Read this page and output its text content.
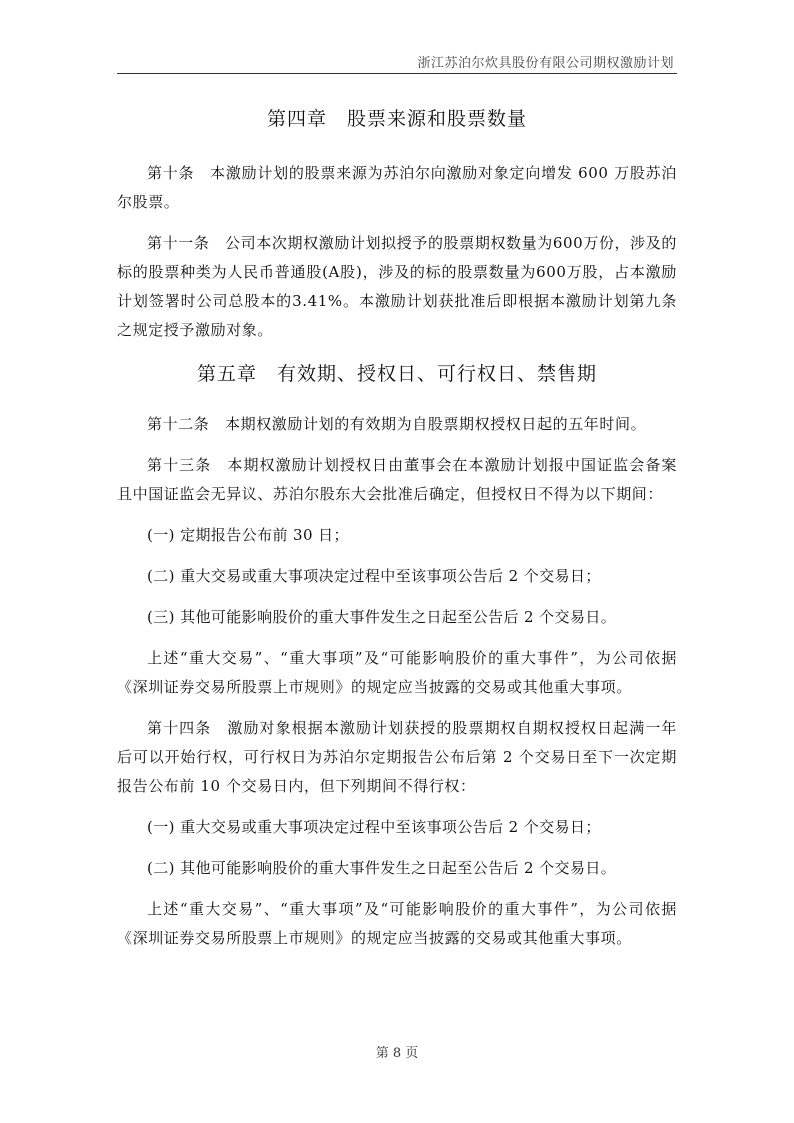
浙江苏泊尔炊具股份有限公司期权激励计划
第四章　股票来源和股票数量

第十条　本激励计划的股票来源为苏泊尔向激励对象定向增发 600 万股苏泊尔股票。

第十一条　公司本次期权激励计划拟授予的股票期权数量为600万份，涉及的标的股票种类为人民币普通股(A股)，涉及的标的股票数量为600万股，占本激励计划签署时公司总股本的3.41%。本激励计划获批准后即根据本激励计划第九条之规定授予激励对象。

第五章　有效期、授权日、可行权日、禁售期

第十二条　本期权激励计划的有效期为自股票期权授权日起的五年时间。

第十三条　本期权激励计划授权日由董事会在本激励计划报中国证监会备案且中国证监会无异议、苏泊尔股东大会批准后确定，但授权日不得为以下期间：

(一) 定期报告公布前 30 日；

(二) 重大交易或重大事项决定过程中至该事项公告后 2 个交易日；

(三) 其他可能影响股价的重大事件发生之日起至公告后 2 个交易日。

上述“重大交易”、“重大事项”及“可能影响股价的重大事件”，为公司依据《深圳证券交易所股票上市规则》的规定应当披露的交易或其他重大事项。

第十四条　激励对象根据本激励计划获授的股票期权自期权授权日起满一年后可以开始行权，可行权日为苏泊尔定期报告公布后第 2 个交易日至下一次定期报告公布前 10 个交易日内，但下列期间不得行权：

(一) 重大交易或重大事项决定过程中至该事项公告后 2 个交易日；

(二) 其他可能影响股价的重大事件发生之日起至公告后 2 个交易日。

上述“重大交易”、“重大事项”及“可能影响股价的重大事件”，为公司依据《深圳证券交易所股票上市规则》的规定应当披露的交易或其他重大事项。

第 8 页
